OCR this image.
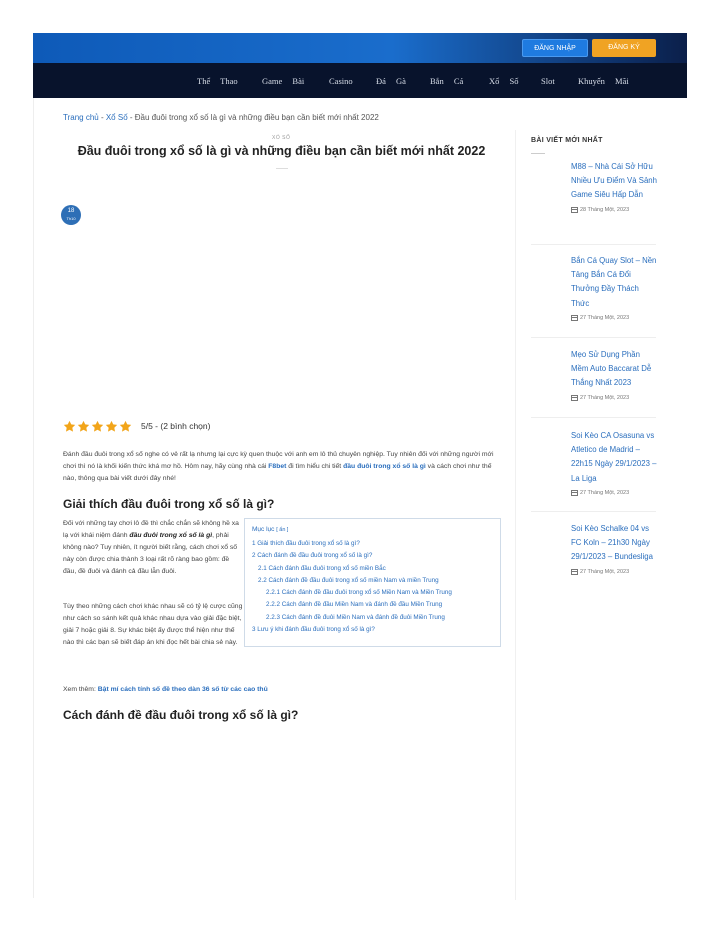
ĐĂNG NHẬP	ĐĂNG KÝ
Thể Thao	Game Bài	Casino	Đá Gà	Bắn Cá	Xổ Số	Slot	Khuyến Mãi
Trang chủ - Xổ Số - Đầu đuôi trong xổ số là gì và những điều bạn cần biết mới nhất 2022
XỔ SỐ
Đầu đuôi trong xổ số là gì và những điều bạn cần biết mới nhất 2022
18
Th10
5/5 - (2 bình chọn)

Đánh đầu đuôi trong xổ số nghe có vẻ rất lạ nhưng lại cực kỳ quen thuộc với anh em lô thủ chuyên nghiệp. Tuy nhiên đối với những người mới chơi thì nó là khối kiến thức khá mơ hồ. Hôm nay, hãy cùng nhà cái F8bet đi tìm hiểu chi tiết đầu đuôi trong xổ số là gì và cách chơi như thế nào, thông qua bài viết dưới đây nhé!

Giải thích đầu đuôi trong xổ số là gì?

Đối với những tay chơi lô đề thì chắc chắn sẽ không hề xa lạ với khái niệm đánh đầu đuôi trong xổ số là gì, phải không nào? Tuy nhiên, ít người biết rằng, cách chơi xổ số này còn được chia thành 3 loại rất rõ ràng bao gồm: đề đầu, đề đuôi và đánh cả đầu lẫn đuôi.

Tùy theo những cách chơi khác nhau sẽ có tỷ lệ cược cũng như cách so sánh kết quả khác nhau dựa vào giải đặc biệt, giải 7 hoặc giải 8. Sự khác biệt ấy được thể hiện như thế nào thì các bạn sẽ biết đáp án khi đọc hết bài chia sẻ này.

Mục lục [ ẩn ]
1 Giải thích đầu đuôi trong xổ số là gì?
2 Cách đánh đề đầu đuôi trong xổ số là gì?
2.1 Cách đánh đầu đuôi trong xổ số miền Bắc
2.2 Cách đánh đề đầu đuôi trong xổ số miền Nam và miền Trung
2.2.1 Cách đánh đề đầu đuôi trong xổ số Miền Nam và Miền Trung
2.2.2 Cách đánh đề đầu Miền Nam và đánh đề đầu Miền Trung
2.2.3 Cách đánh đề đuôi Miền Nam và đánh đề đuôi Miền Trung
3 Lưu ý khi đánh đầu đuôi trong xổ số là gì?
Xem thêm: Bật mí cách tính số đề theo dàn 36 số từ các cao thủ
Cách đánh đề đầu đuôi trong xổ số là gì?
BÀI VIẾT MỚI NHẤT
M88 – Nhà Cái Sở Hữu Nhiều Ưu Điểm Và Sảnh Game Siêu Hấp Dẫn
28 Tháng Một, 2023
Bắn Cá Quay Slot – Nền Tảng Bắn Cá Đổi Thưởng Đầy Thách Thức
27 Tháng Một, 2023
Mẹo Sử Dụng Phần Mềm Auto Baccarat Dễ Thắng Nhất 2023
27 Tháng Một, 2023
Soi Kèo CA Osasuna vs Atletico de Madrid – 22h15 Ngày 29/1/2023 – La Liga
27 Tháng Một, 2023
Soi Kèo Schalke 04 vs FC Koln – 21h30 Ngày 29/1/2023 – Bundesliga
27 Tháng Một, 2023
